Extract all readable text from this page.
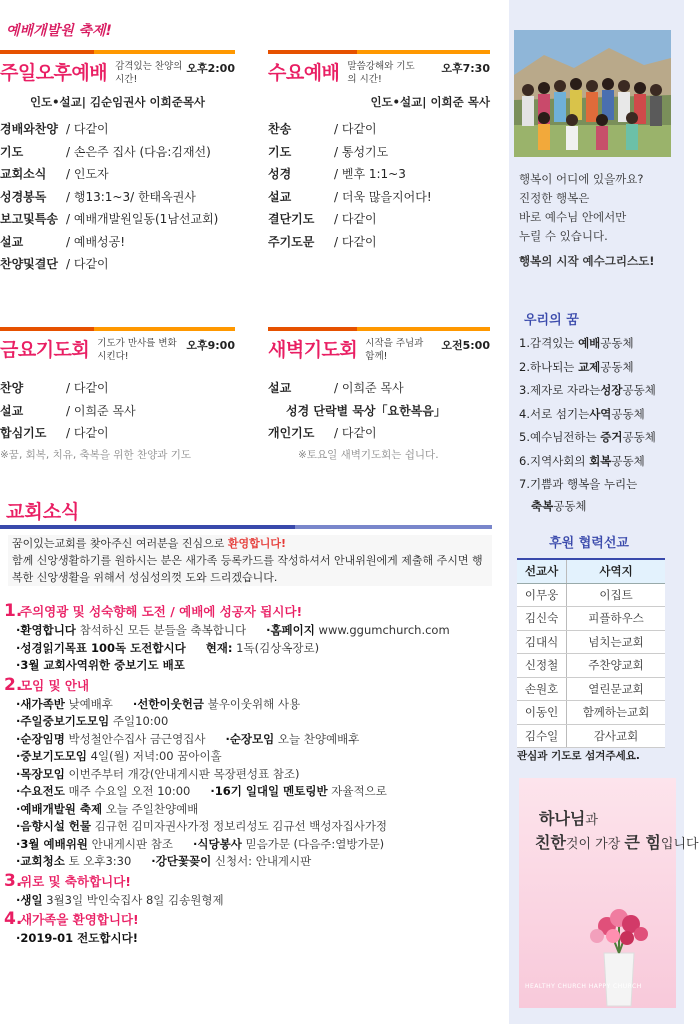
예배개발원 축제!
주일오후예배 감격있는 찬양의 시간!
오후2:00
인도•설교| 김순임권사 이희준목사
경배와찬양 / 다같이
기도	/ 손은주 집사 (다음:김재선)
교회소식	/ 인도자
성경봉독	/ 행13:1~3/ 한태옥권사
보고및특송 / 예배개발원일동(1남선교회)
설교	/ 예배성공!
찬양및결단 / 다같이
수요예배 말씀강해와 기도의 시간!
오후7:30
인도•설교| 이희준 목사
찬송	/ 다같이
기도	/ 통성기도
성경	/ 벧후 1:1~3
설교	/ 더욱 많을지어다!
결단기도	/ 다같이
주기도문	/ 다같이
금요기도회 기도가 만사를 변화시킨다!
오후9:00
찬양	/ 다같이
설교	/ 이희준 목사
합심기도	/ 다같이
※꿈, 회복, 치유, 축복을 위한 찬양과 기도
새벽기도회 시작을 주님과 함께!
오전5:00
설교	/ 이희준 목사
성경 단락별 묵상「요한복음」
개인기도	/ 다같이
※토요일 새벽기도회는 쉽니다.
교회소식
꿈이있는교회를 찾아주신 여러분을 진심으로 환영합니다!
함께 신앙생활하기를 원하시는 분은 새가족 등록카드를 작성하셔서 안내위원에게 제출해 주시면 행복한 신앙생활을 위해서 성심성의껏 도와 드리겠습니다.
1.
주의영광 및 성숙향해 도전 / 예배에 성공자 됩시다!
·환영합니다 참석하신 모든 분들을 축복합니다 ·홈페이지 www.ggumchurch.com
·성경읽기목표 100독 도전합시다 현재: 1독(김상옥장로)
·3월 교회사역위한 중보기도 배포
2.
모임 및 안내
·새가족반 낮예배후 ·선한이웃헌금 불우이웃위해 사용
·주일중보기도모임 주일10:00
·순장임명 박성철안수집사 금근영집사 ·순장모임 오늘 찬양예배후
·중보기도모임 4일(월) 저녁:00 꿈아이홀
·목장모임 이번주부터 개강(안내게시판 목장편성표 참조)
·수요전도 매주 수요일 오전 10:00 ·16기 일대일 멘토링반 자율적으로
·예배개발원 축제 오늘 주일찬양예배
·음향시설 헌물 김규헌 김미자권사가정 정보리성도 김규선 백성자집사가정
·3월 예배위원 안내게시판 참조 ·식당봉사 믿음가문 (다음주:열방가문)
·교회청소 토 오후3:30 ·강단꽃꽂이 신청서: 안내게시판
3.
위로 및 축하합니다!
·생일 3월3일 박인숙집사 8일 김송원형제
4.
새가족을 환영합니다!
·2019-01 전도합시다!
행복이 어디에 있을까요?
진정한 행복은
바로 예수님 안에서만
누릴 수 있습니다.
행복의 시작 예수그리스도!
우리의 꿈
1.감격있는 예배공동체
2.하나되는 교제공동체
3.제자로 자라는성장공동체
4.서로 섬기는사역공동체
5.예수님전하는 증거공동체
6.지역사회의 회복공동체
7.기쁨과 행복을 누리는
축복공동체
후원 협력선교
선교사	사역지
이무웅	이집트
김신숙	피플하우스
김대식	넘치는교회
신정철	주찬양교회
손원호	열린문교회
이동인	함께하는교회
김수일	감사교회
관심과 기도로 섬겨주세요.
하나님과
친한것이 가장 큰 힘입니다
HEALTHY CHURCH HAPPY CHURCH
